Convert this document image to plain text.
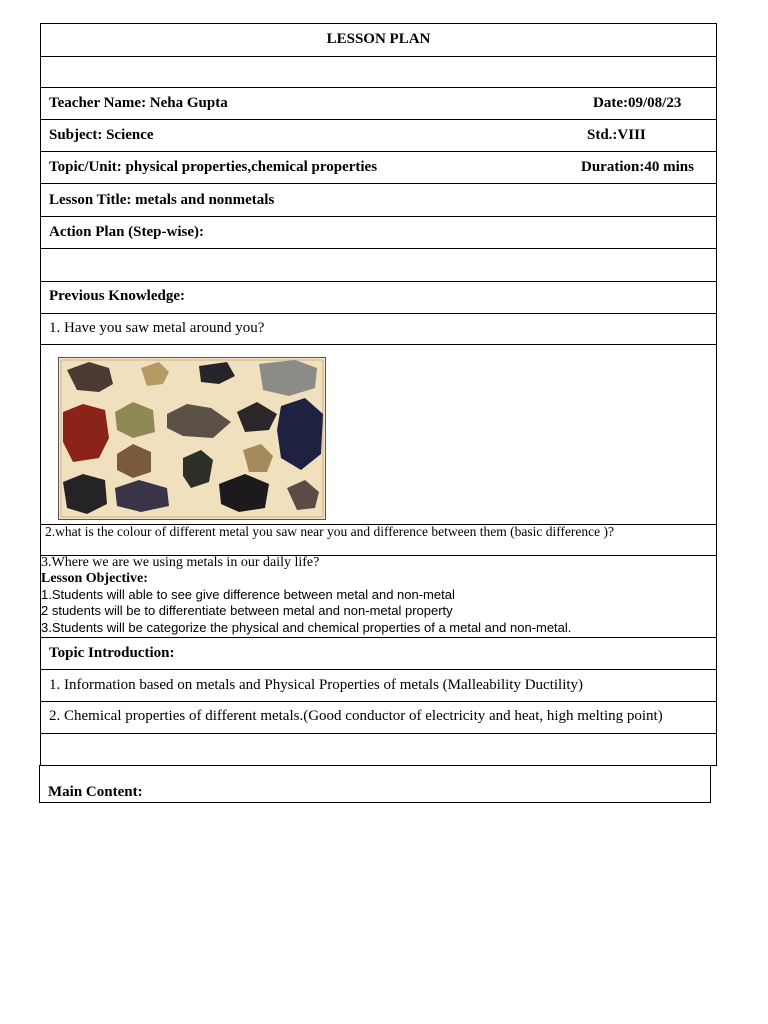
LESSON PLAN
Teacher Name: Neha Gupta	Date:09/08/23
Subject: Science	Std.:VIII
Topic/Unit: physical properties,chemical properties	Duration:40 mins
Lesson Title: metals and nonmetals
Action Plan (Step-wise):
Previous Knowledge:
1. Have you saw metal around you?
2.what is the colour of different metal you saw near you and difference between them (basic difference )?
3.Where we are we using metals in our daily life?
Lesson Objective:
1.Students will able to see give difference between metal and non-metal
2 students will be to differentiate between metal and non-metal property
3.Students will be categorize the physical and chemical properties of a metal and non-metal.
Topic Introduction:
1. Information based on metals and Physical Properties of metals (Malleability Ductility)
2. Chemical properties of different metals.(Good conductor of electricity and heat, high melting point)
Main Content:
